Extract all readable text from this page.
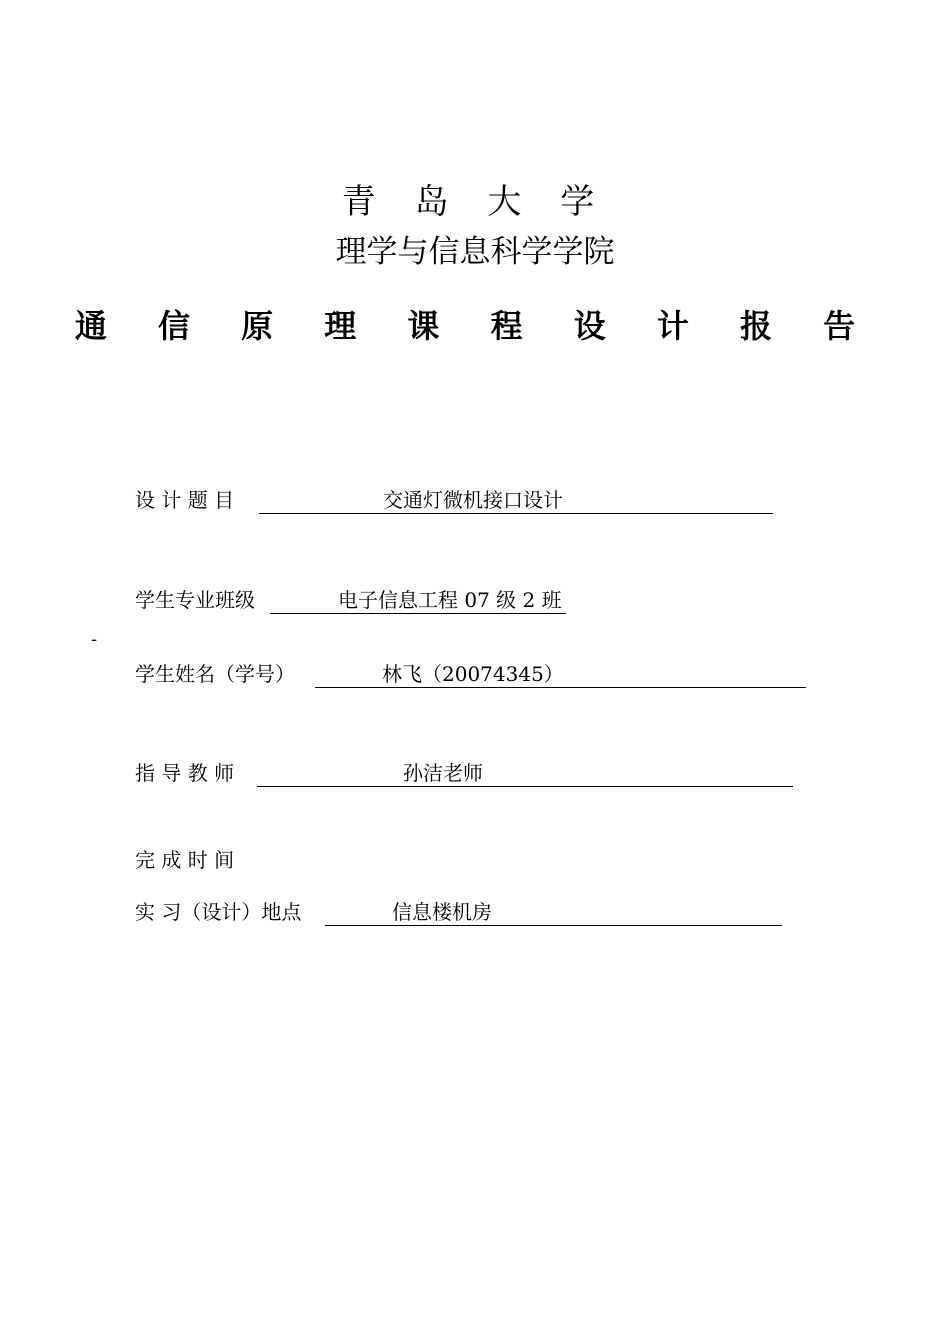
青 岛 大 学
理学与信息科学学院
通 信 原 理 课 程 设 计 报 告
设 计 题 目	交通灯微机接口设计
学生专业班级	电子信息工程 07 级 2 班
-
学生姓名（学号）	林飞（20074345）
指 导 教 师	孙洁老师
完 成 时 间
实 习（设计）地点	信息楼机房
